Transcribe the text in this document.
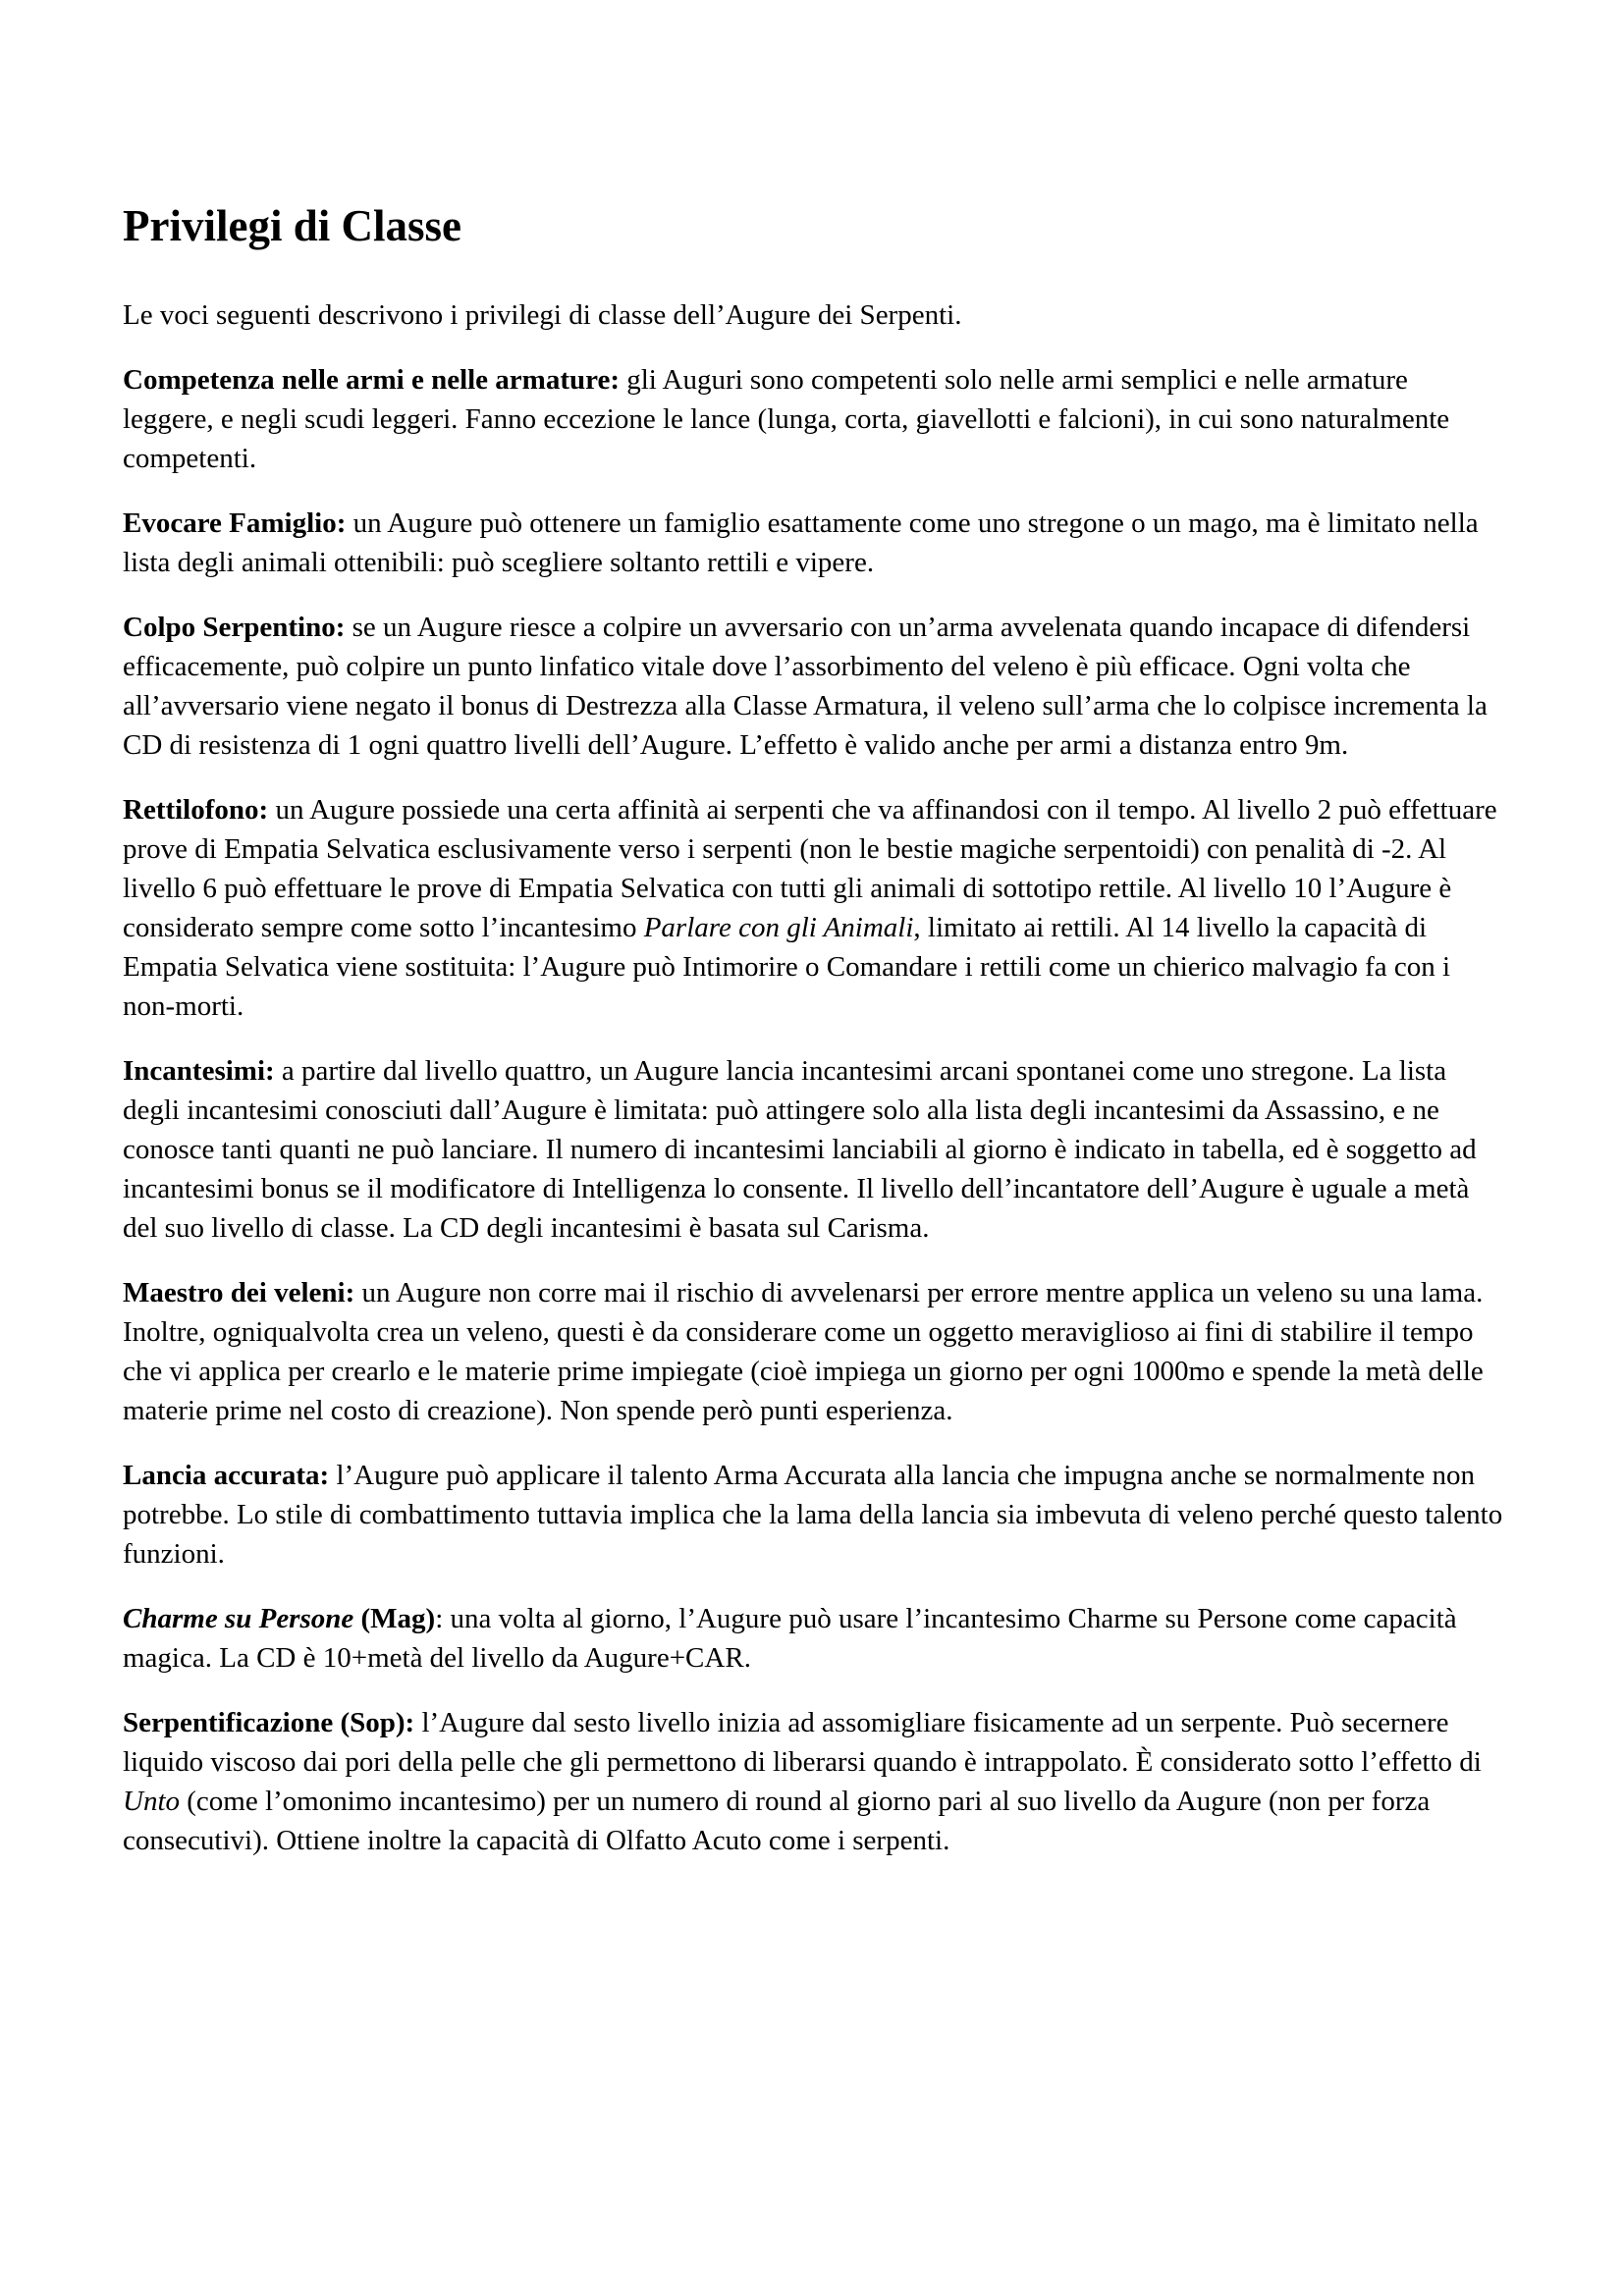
Privilegi di Classe

Le voci seguenti descrivono i privilegi di classe dell’Augure dei Serpenti.

Competenza nelle armi e nelle armature: gli Auguri sono competenti solo nelle armi semplici e nelle armature leggere, e negli scudi leggeri. Fanno eccezione le lance (lunga, corta, giavellotti e falcioni), in cui sono naturalmente competenti.

Evocare Famiglio: un Augure può ottenere un famiglio esattamente come uno stregone o un mago, ma è limitato nella lista degli animali ottenibili: può scegliere soltanto rettili e vipere.

Colpo Serpentino: se un Augure riesce a colpire un avversario con un’arma avvelenata quando incapace di difendersi efficacemente, può colpire un punto linfatico vitale dove l’assorbimento del veleno è più efficace. Ogni volta che all’avversario viene negato il bonus di Destrezza alla Classe Armatura, il veleno sull’arma che lo colpisce incrementa la CD di resistenza di 1 ogni quattro livelli dell’Augure. L’effetto è valido anche per armi a distanza entro 9m.

Rettilofono: un Augure possiede una certa affinità ai serpenti che va affinandosi con il tempo. Al livello 2 può effettuare prove di Empatia Selvatica esclusivamente verso i serpenti (non le bestie magiche serpentoidi) con penalità di -2. Al livello 6 può effettuare le prove di Empatia Selvatica con tutti gli animali di sottotipo rettile. Al livello 10 l’Augure è considerato sempre come sotto l’incantesimo Parlare con gli Animali, limitato ai rettili. Al 14 livello la capacità di Empatia Selvatica viene sostituita: l’Augure può Intimorire o Comandare i rettili come un chierico malvagio fa con i non-morti.

Incantesimi: a partire dal livello quattro, un Augure lancia incantesimi arcani spontanei come uno stregone. La lista degli incantesimi conosciuti dall’Augure è limitata: può attingere solo alla lista degli incantesimi da Assassino, e ne conosce tanti quanti ne può lanciare. Il numero di incantesimi lanciabili al giorno è indicato in tabella, ed è soggetto ad incantesimi bonus se il modificatore di Intelligenza lo consente. Il livello dell’incantatore dell’Augure è uguale a metà del suo livello di classe. La CD degli incantesimi è basata sul Carisma.

Maestro dei veleni: un Augure non corre mai il rischio di avvelenarsi per errore mentre applica un veleno su una lama. Inoltre, ogniqualvolta crea un veleno, questi è da considerare come un oggetto meraviglioso ai fini di stabilire il tempo che vi applica per crearlo e le materie prime impiegate (cioè impiega un giorno per ogni 1000mo e spende la metà delle materie prime nel costo di creazione). Non spende però punti esperienza.

Lancia accurata: l’Augure può applicare il talento Arma Accurata alla lancia che impugna anche se normalmente non potrebbe. Lo stile di combattimento tuttavia implica che la lama della lancia sia imbevuta di veleno perché questo talento funzioni.

Charme su Persone (Mag): una volta al giorno, l’Augure può usare l’incantesimo Charme su Persone come capacità magica. La CD è 10+metà del livello da Augure+CAR.

Serpentificazione (Sop): l’Augure dal sesto livello inizia ad assomigliare fisicamente ad un serpente. Può secernere liquido viscoso dai pori della pelle che gli permettono di liberarsi quando è intrappolato. È considerato sotto l’effetto di Unto (come l’omonimo incantesimo) per un numero di round al giorno pari al suo livello da Augure (non per forza consecutivi). Ottiene inoltre la capacità di Olfatto Acuto come i serpenti.
